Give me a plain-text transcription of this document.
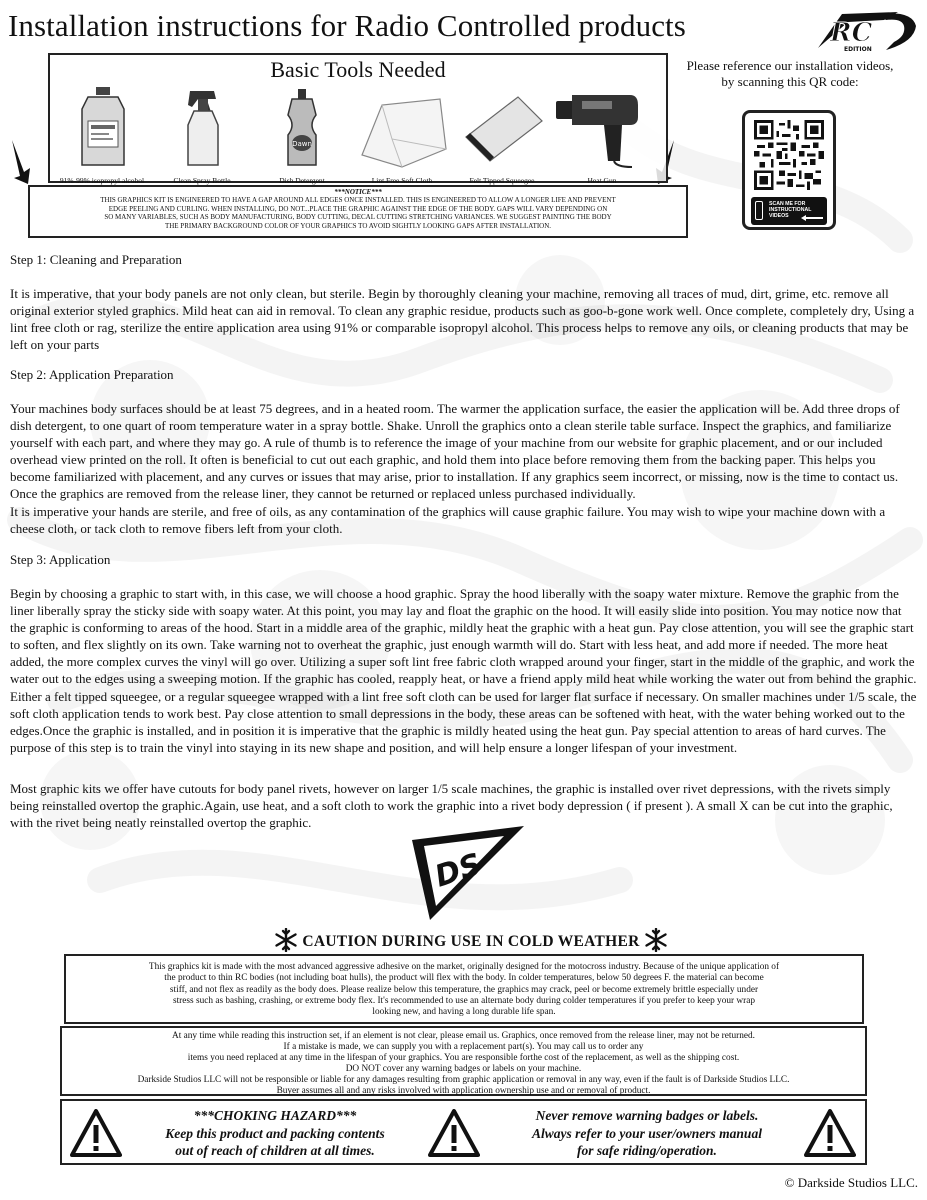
Installation instructions for Radio Controlled products	RC
EDITION
Basic Tools Needed
91%-99% isopropyl alcohol	Clean Spray Bottle
Dawn
Dish Detergent	Lint Free Soft Cloth	Felt Tipped Squeegee	Heat Gun
***NOTICE***
THIS GRAPHICS KIT IS ENGINEERED TO HAVE A GAP AROUND ALL EDGES ONCE INSTALLED. THIS IS ENGINEERED TO ALLOW A LONGER LIFE AND PREVENT
EDGE PEELING AND CURLING. WHEN INSTALLING, DO NOT...PLACE THE GRAPHIC AGAINST THE EDGE OF THE BODY. GAPS WILL VARY DEPENDING ON
SO MANY VARIABLES, SUCH AS BODY MANUFACTURING, BODY CUTTING, DECAL CUTTING STRETCHING VARIANCES. WE SUGGEST PAINTING THE BODY
THE PRIMARY BACKGROUND COLOR OF YOUR GRAPHICS TO AVOID SIGHTLY LOOKING GAPS AFTER INSTALLATION.
Please reference our installation videos,
by scanning this QR code:
SCAN ME FOR
INSTRUCTIONAL
VIDEOS
Step 1: Cleaning and Preparation
It is imperative, that your body panels are not only clean, but sterile. Begin by thoroughly cleaning your machine, removing all traces of mud, dirt, grime, etc. remove all original exterior styled graphics. Mild heat can aid in removal. To clean any graphic residue, products such as goo-b-gone work well. Once complete, completely dry, Using a lint free cloth or rag, sterilize the entire application area using 91% or comparable isopropyl alcohol. This process helps to remove any oils, or cleaning products that may be left on your parts
Step 2: Application Preparation
Your machines body surfaces should be at least 75 degrees, and in a heated room. The warmer the application surface, the easier the application will be. Add three drops of dish detergent, to one quart of room temperature water in a spray bottle. Shake. Unroll the graphics onto a clean sterile table surface. Inspect the graphics, and familiarize yourself with each part, and where they may go. A rule of thumb is to reference the image of your machine from our website for graphic placement, and or our included overhead view printed on the roll. It often is beneficial to cut out each graphic, and hold them into place before removing them from the backing paper. This helps you become familiarized with placement, and any curves or issues that may arise, prior to installation. If any graphics seem incorrect, or missing, now is the time to contact us. Once the graphics are removed from the release liner, they cannot be returned or replaced unless purchased individually.
It is imperative your hands are sterile, and free of oils, as any contamination of the graphics will cause graphic failure. You may wish to wipe your machine down with a cheese cloth, or tack cloth to remove fibers left from your cloth.
Step 3: Application
Begin by choosing a graphic to start with, in this case, we will choose a hood graphic. Spray the hood liberally with the soapy water mixture. Remove the graphic from the liner liberally spray the sticky side with soapy water. At this point, you may lay and float the graphic on the hood. It will easily slide into position. You may notice now that the graphic is conforming to areas of the hood. Start in a middle area of the graphic, mildly heat the graphic with a heat gun. Pay close attention, you will see the graphic start to soften, and flex slightly on its own. Take warning not to overheat the graphic, just enough warmth will do. Start with less heat, and add more if needed. The more heat added, the more complex curves the vinyl will go over. Utilizing a super soft lint free fabric cloth wrapped around your finger, start in the middle of the graphic, and work the water out to the edges using a sweeping motion. If the graphic has cooled, reapply heat, or have a friend apply mild heat while working the water out from behind the graphic. Either a felt tipped squeegee, or a regular squeegee wrapped with a lint free soft cloth can be used for larger flat surface if necessary. On smaller machines under 1/5 scale, the soft cloth application tends to work best. Pay close attention to small depressions in the body, these areas can be softened with heat, with the water behing worked out to the edges.Once the graphic is installed, and in position it is imperative that the graphic is mildly heated using the heat gun. Pay special attention to areas of hard curves. The purpose of this step is to train the vinyl into staying in its new shape and position, and will help ensure a longer lifespan of your investment.
Most graphic kits we offer have cutouts for body panel rivets, however on larger 1/5 scale machines, the graphic is installed over rivet depressions, with the rivets simply being reinstalled overtop the graphic.Again, use heat, and a soft cloth to work the graphic into a rivet body depression ( if present ). A small X can be cut into the graphic, with the rivet being neatly reinstalled overtop the graphic.
DS
CAUTION DURING USE IN COLD WEATHER
This graphics kit is made with the most advanced aggressive adhesive on the market, originally designed for the motocross industry. Because of the unique application of
the product to thin RC bodies (not including boat hulls), the product will flex with the body. In colder temperatures, below 50 degrees F. the material can become
stiff, and not flex as readily as the body does. Please realize below this temperature, the graphics may crack, peel or become extremely brittle especially under
stress such as bashing, crashing, or extreme body flex. It's recommended to use an alternate body during colder temperatures if you prefer to keep your wrap
looking new, and having a long durable life span.
At any time while reading this instruction set, if an element is not clear, please email us. Graphics, once removed from the release liner, may not be returned.
If a mistake is made, we can supply you with a replacement part(s). You may call us to order any
items you need replaced at any time in the lifespan of your graphics. You are responsible forthe cost of the replacement, as well as the shipping cost.
DO NOT cover any warning badges or labels on your machine.
Darkside Studios LLC will not be responsible or liable for any damages resulting from graphic application or removal in any way, even if the fault is of Darkside Studios LLC.
Buyer assumes all and any risks involved with application ownership use and or removal of product.
***CHOKING HAZARD***
Keep this product and packing contents
out of reach of children at all times.
Never remove warning badges or labels.
Always refer to your user/owners manual
for safe riding/operation.
© Darkside Studios LLC.
